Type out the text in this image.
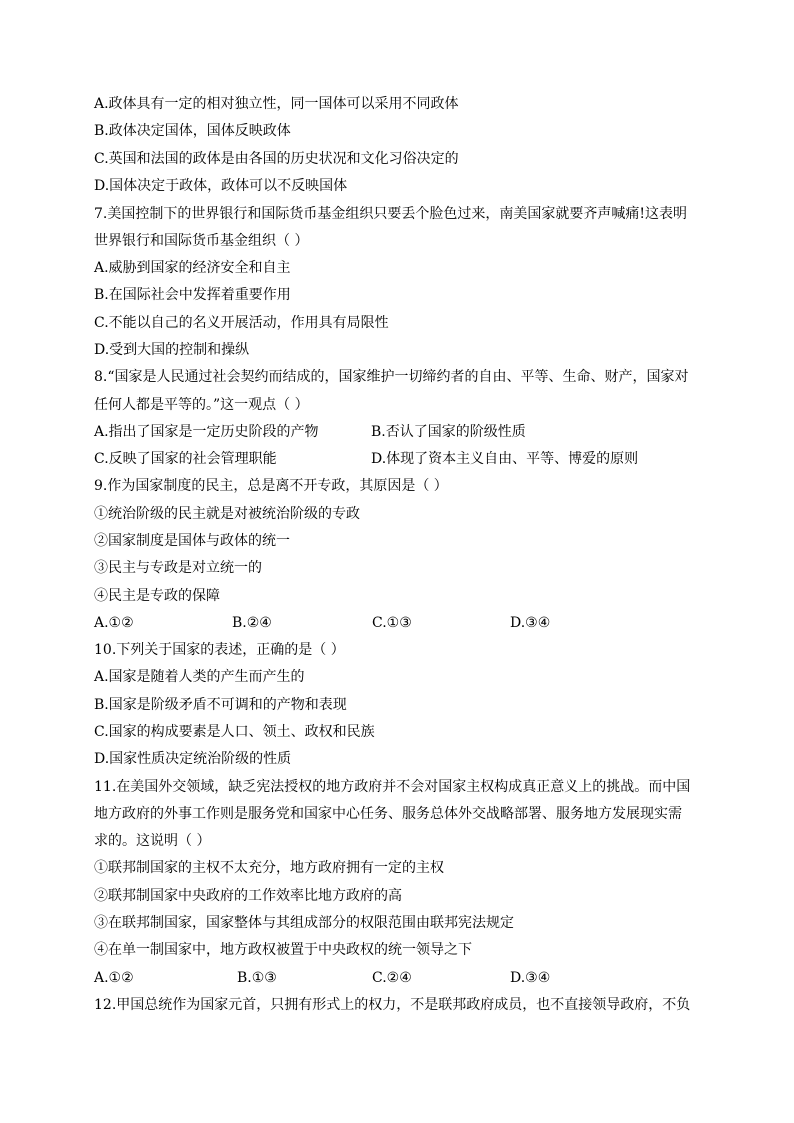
A.政体具有一定的相对独立性，同一国体可以采用不同政体
B.政体决定国体，国体反映政体
C.英国和法国的政体是由各国的历史状况和文化习俗决定的
D.国体决定于政体，政体可以不反映国体
7.美国控制下的世界银行和国际货币基金组织只要丢个脸色过来，南美国家就要齐声喊痛!这表明
世界银行和国际货币基金组织（ ）
A.威胁到国家的经济安全和自主
B.在国际社会中发挥着重要作用
C.不能以自己的名义开展活动，作用具有局限性
D.受到大国的控制和操纵
8.“国家是人民通过社会契约而结成的，国家维护一切缔约者的自由、平等、生命、财产，国家对
任何人都是平等的。”这一观点（ ）
A.指出了国家是一定历史阶段的产物	B.否认了国家的阶级性质
C.反映了国家的社会管理职能	D.体现了资本主义自由、平等、博爱的原则
9.作为国家制度的民主，总是离不开专政，其原因是（ ）
①统治阶级的民主就是对被统治阶级的专政
②国家制度是国体与政体的统一
③民主与专政是对立统一的
④民主是专政的保障
A.①②	B.②④	C.①③	D.③④
10.下列关于国家的表述，正确的是（ ）
A.国家是随着人类的产生而产生的
B.国家是阶级矛盾不可调和的产物和表现
C.国家的构成要素是人口、领土、政权和民族
D.国家性质决定统治阶级的性质
11.在美国外交领域，缺乏宪法授权的地方政府并不会对国家主权构成真正意义上的挑战。而中国
地方政府的外事工作则是服务党和国家中心任务、服务总体外交战略部署、服务地方发展现实需
求的。这说明（ ）
①联邦制国家的主权不太充分，地方政府拥有一定的主权
②联邦制国家中央政府的工作效率比地方政府的高
③在联邦制国家，国家整体与其组成部分的权限范围由联邦宪法规定
④在单一制国家中，地方政权被置于中央政权的统一领导之下
A.①②	B.①③	C.②④	D.③④
12.甲国总统作为国家元首，只拥有形式上的权力，不是联邦政府成员，也不直接领导政府，不负
